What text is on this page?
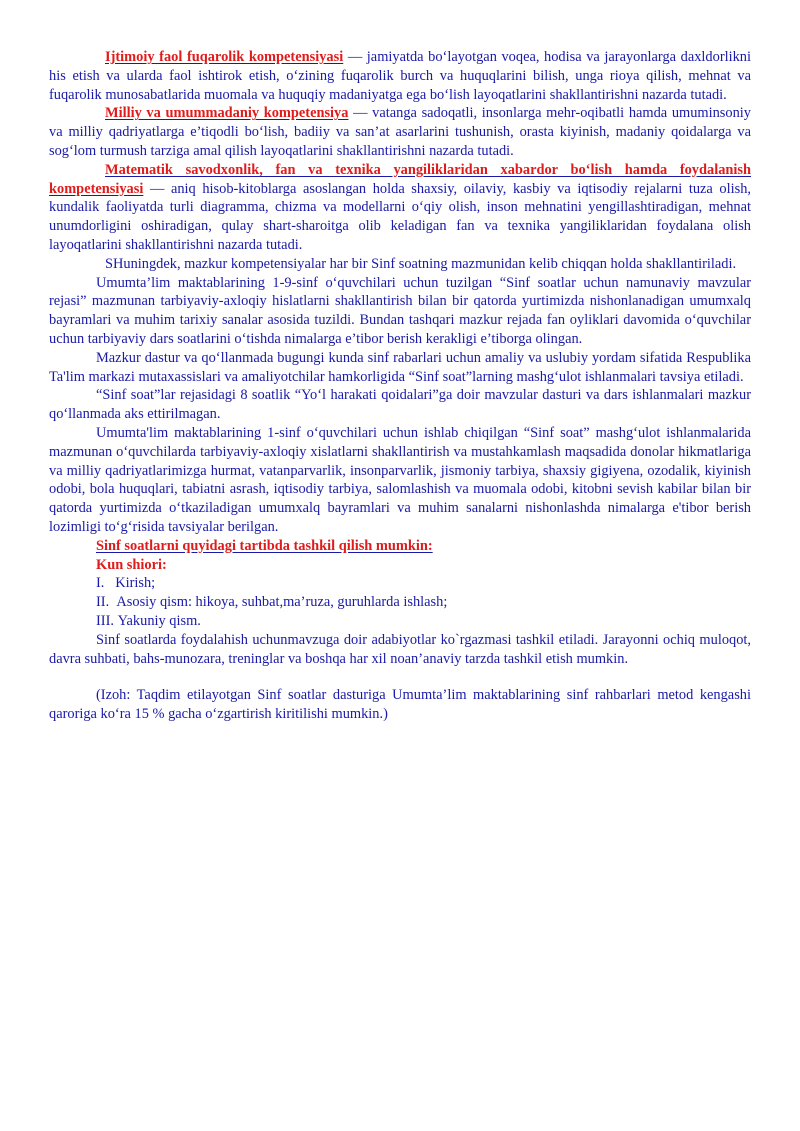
Ijtimoiy faol fuqarolik kompetensiyasi — jamiyatda bo‘layotgan voqea, hodisa va jarayonlarga daxldorlikni his etish va ularda faol ishtirok etish, o‘zining fuqarolik burch va huquqlarini bilish, unga rioya qilish, mehnat va fuqarolik munosabatlarida muomala va huquqiy madaniyatga ega bo‘lish layoqatlarini shakllantirishni nazarda tutadi.

Milliy va umummadaniy kompetensiya — vatanga sadoqatli, insonlarga mehr-oqibatli hamda umuminsoniy va milliy qadriyatlarga e’tiqodli bo‘lish, badiiy va san’at asarlarini tushunish, orasta kiyinish, madaniy qoidalarga va sog‘lom turmush tarziga amal qilish layoqatlarini shakllantirishni nazarda tutadi.

Matematik savodxonlik, fan va texnika yangiliklaridan xabardor bo‘lish hamda foydalanish kompetensiyasi — aniq hisob-kitoblarga asoslangan holda shaxsiy, oilaviy, kasbiy va iqtisodiy rejalarni tuza olish, kundalik faoliyatda turli diagramma, chizma va modellarni o‘qiy olish, inson mehnatini yengillashtiradigan, mehnat unumdorligini oshiradigan, qulay shart-sharoitga olib keladigan fan va texnika yangiliklaridan foydalana olish layoqatlarini shakllantirishni nazarda tutadi.

SHuningdek, mazkur kompetensiyalar har bir Sinf soatning mazmunidan kelib chiqqan holda shakllantiriladi.

Umumta’lim maktablarining 1-9-sinf o‘quvchilari uchun tuzilgan “Sinf soatlar uchun namunaviy mavzular rejasi” mazmunan tarbiyaviy-axloqiy hislatlarni shakllantirish bilan bir qatorda yurtimizda nishonlanadigan umumxalq bayramlari va muhim tarixiy sanalar asosida tuzildi. Bundan tashqari mazkur rejada fan oyliklari davomida o‘quvchilar uchun tarbiyaviy dars soatlarini o‘tishda nimalarga e’tibor berish kerakligi e’tiborga olingan.

Mazkur dastur va qo‘llanmada bugungi kunda sinf rabarlari uchun amaliy va uslubiy yordam sifatida Respublika Ta'lim markazi mutaxassislari va amaliyotchilar hamkorligida “Sinf soat”larning mashg‘ulot ishlanmalari tavsiya etiladi.

“Sinf soat”lar rejasidagi 8 soatlik “Yo‘l harakati qoidalari”ga doir mavzular dasturi va dars ishlanmalari mazkur qo‘llanmada aks ettirilmagan.

Umumta'lim maktablarining 1-sinf o‘quvchilari uchun ishlab chiqilgan “Sinf soat” mashg‘ulot ishlanmalarida mazmunan o‘quvchilarda tarbiyaviy-axloqiy xislatlarni shakllantirish va mustahkamlash maqsadida donolar hikmatlariga va milliy qadriyatlarimizga hurmat, vatanparvarlik, insonparvarlik, jismoniy tarbiya, shaxsiy gigiyena, ozodalik, kiyinish odobi, bola huquqlari, tabiatni asrash, iqtisodiy tarbiya, salomlashish va muomala odobi, kitobni sevish kabilar bilan bir qatorda yurtimizda o‘tkaziladigan umumxalq bayramlari va muhim sanalarni nishonlashda nimalarga e'tibor berish lozimligi to‘g‘risida tavsiyalar berilgan.

Sinf soatlarni quyidagi tartibda tashkil qilish mumkin:

Kun shiori:

I. Kirish;

II. Asosiy qism: hikoya, suhbat,ma’ruza, guruhlarda ishlash;

III. Yakuniy qism.

Sinf soatlarda foydalahish uchunmavzuga doir adabiyotlar ko`rgazmasi tashkil etiladi. Jarayonni ochiq muloqot, davra suhbati, bahs-munozara, treninglar va boshqa har xil noan’anaviy tarzda tashkil etish mumkin.

(Izoh: Taqdim etilayotgan Sinf soatlar dasturiga Umumta’lim maktablarining sinf rahbarlari metod kengashi qaroriga ko‘ra 15 % gacha o‘zgartirish kiritilishi mumkin.)
